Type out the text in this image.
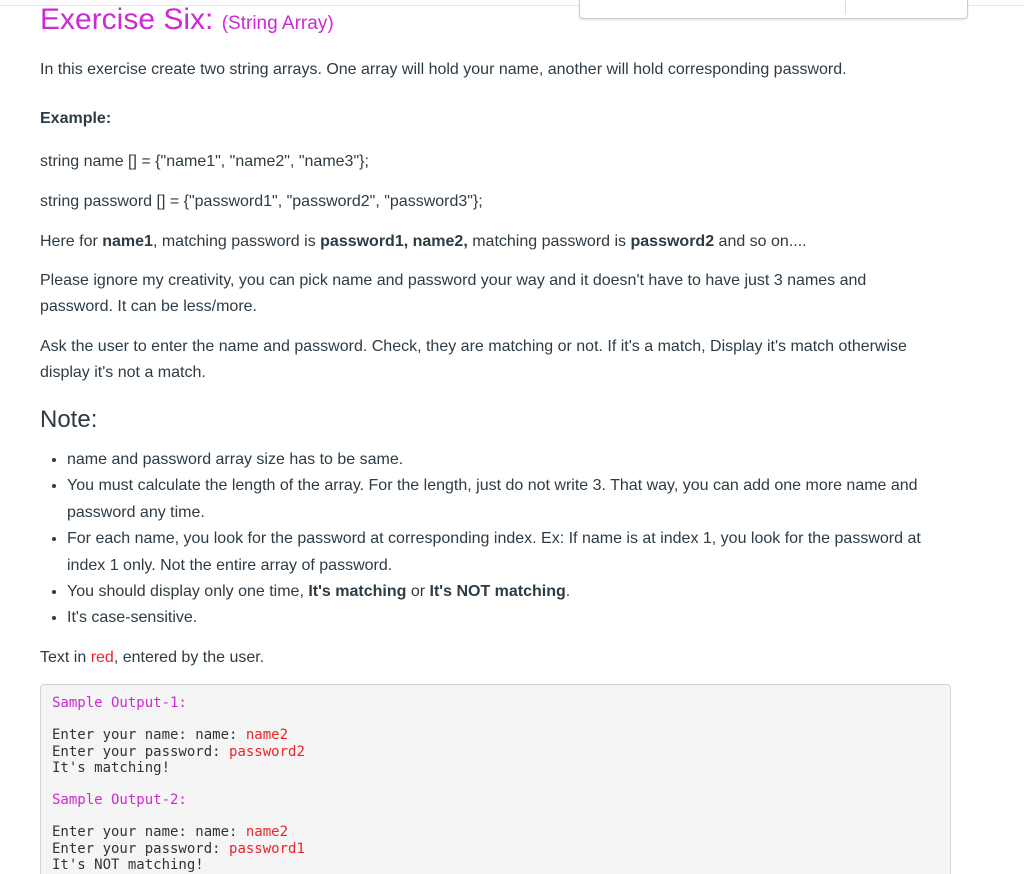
Exercise Six: (String Array)

In this exercise create two string arrays. One array will hold your name, another will hold corresponding password.

Example:

string name [] = {"name1", "name2", "name3"};

string password [] = {"password1", "password2", "password3"};

Here for name1, matching password is password1, name2, matching password is password2 and so on....

Please ignore my creativity, you can pick name and password your way and it doesn't have to have just 3 names and password. It can be less/more.

Ask the user to enter the name and password. Check, they are matching or not. If it's a match, Display it's match otherwise display it's not a match.

Note:
• name and password array size has to be same.
• You must calculate the length of the array. For the length, just do not write 3. That way, you can add one more name and password any time.
• For each name, you look for the password at corresponding index. Ex: If name is at index 1, you look for the password at index 1 only. Not the entire array of password.
• You should display only one time, It's matching or It's NOT matching.
• It's case-sensitive.

Text in red, entered by the user.

Sample Output-1:
Enter your name: name: name2
Enter your password: password2
It's matching!
Sample Output-2:
Enter your name: name: name2
Enter your password: password1
It's NOT matching!
